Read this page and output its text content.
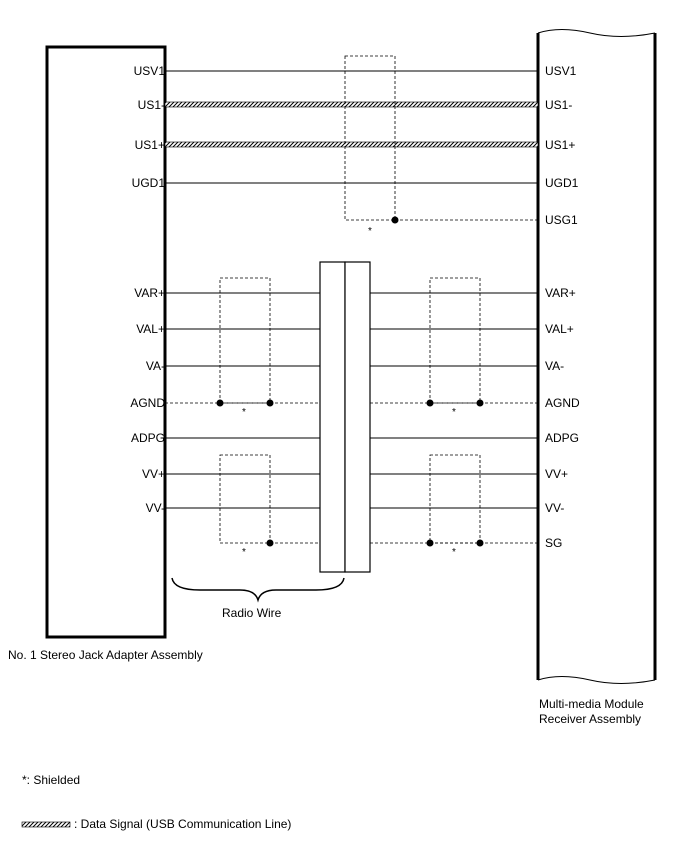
USV1
US1-
US1+
UGD1
VAR+
VAL+
VA-
AGND
ADPG
VV+
VV-
USV1
US1-
US1+
UGD1
USG1
VAR+
VAL+
VA-
AGND
ADPG
VV+
VV-
SG
*
*	*
*	*
Radio Wire
No. 1 Stereo Jack Adapter Assembly
Multi-media Module
Receiver Assembly
*: Shielded
: Data Signal (USB Communication Line)
